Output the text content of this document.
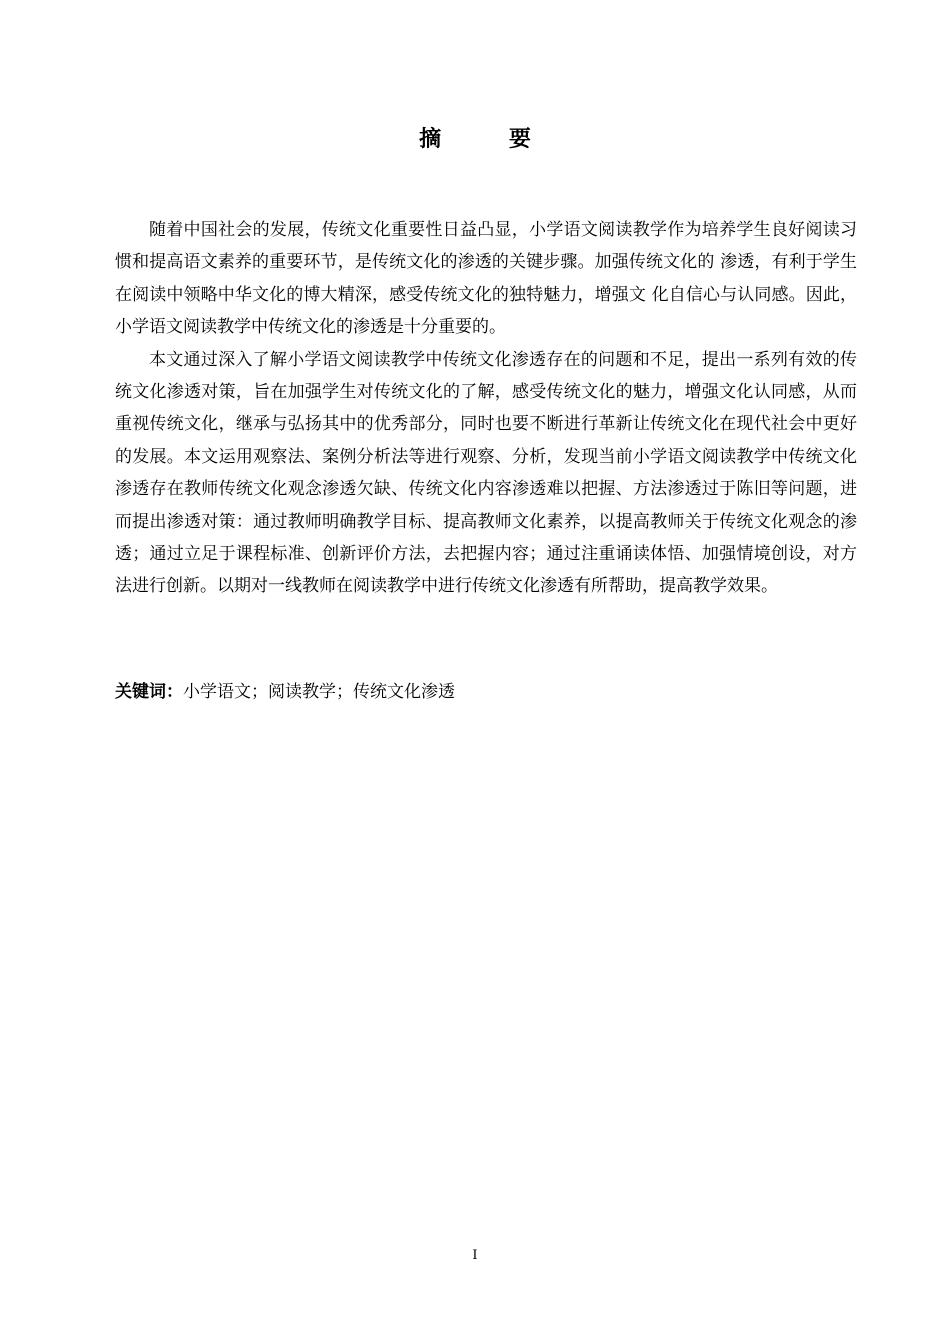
摘 要

随着中国社会的发展，传统文化重要性日益凸显，小学语文阅读教学作为培养学生良好阅读习惯和提高语文素养的重要环节，是传统文化的渗透的关键步骤。加强传统文化的 渗透，有利于学生在阅读中领略中华文化的博大精深，感受传统文化的独特魅力，增强文 化自信心与认同感。因此，小学语文阅读教学中传统文化的渗透是十分重要的。

本文通过深入了解小学语文阅读教学中传统文化渗透存在的问题和不足，提出一系列有效的传统文化渗透对策，旨在加强学生对传统文化的了解，感受传统文化的魅力，增强文化认同感，从而重视传统文化，继承与弘扬其中的优秀部分，同时也要不断进行革新让传统文化在现代社会中更好的发展。本文运用观察法、案例分析法等进行观察、分析，发现当前小学语文阅读教学中传统文化渗透存在教师传统文化观念渗透欠缺、传统文化内容渗透难以把握、方法渗透过于陈旧等问题，进而提出渗透对策：通过教师明确教学目标、提高教师文化素养，以提高教师关于传统文化观念的渗透；通过立足于课程标准、创新评价方法，去把握内容；通过注重诵读体悟、加强情境创设，对方法进行创新。以期对一线教师在阅读教学中进行传统文化渗透有所帮助，提高教学效果。

关键词：小学语文；阅读教学；传统文化渗透
I
